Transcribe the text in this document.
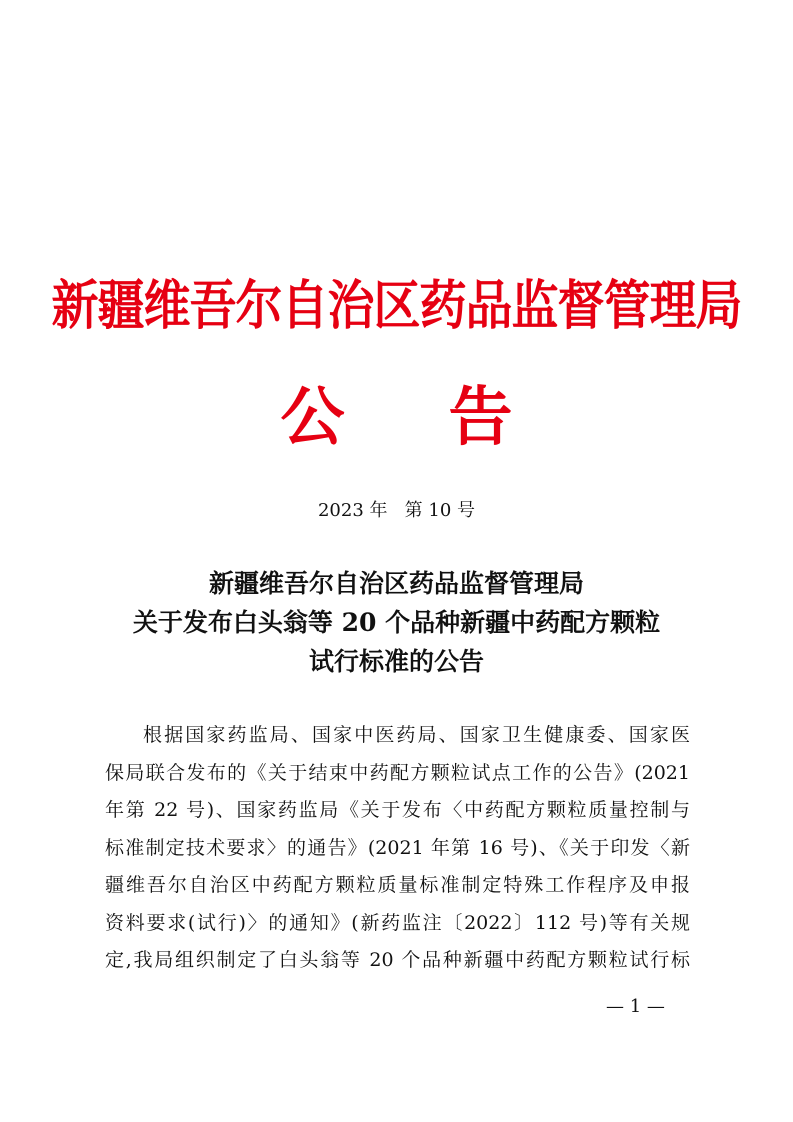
新疆维吾尔自治区药品监督管理局
公 告
2023 年   第 10 号
新疆维吾尔自治区药品监督管理局
关于发布白头翁等 20 个品种新疆中药配方颗粒
试行标准的公告
根据国家药监局、国家中医药局、国家卫生健康委、国家医
保局联合发布的《关于结束中药配方颗粒试点工作的公告》(2021
年第 22 号)、国家药监局《关于发布〈中药配方颗粒质量控制与
标准制定技术要求〉的通告》(2021 年第 16 号)、《关于印发〈新
疆维吾尔自治区中药配方颗粒质量标准制定特殊工作程序及申报
资料要求(试行)〉的通知》(新药监注〔2022〕112 号)等有关规
定,我局组织制定了白头翁等 20 个品种新疆中药配方颗粒试行标
— 1 —
